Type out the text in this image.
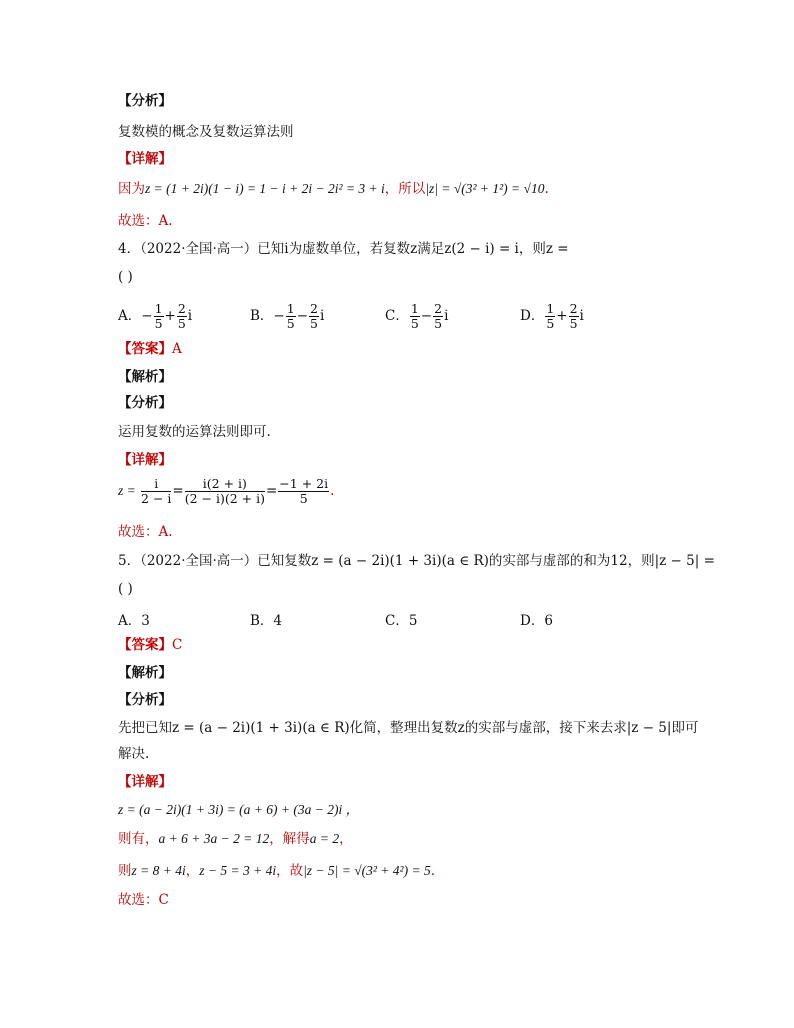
【分析】
复数模的概念及复数运算法则
【详解】
因为z = (1 + 2i)(1 − i) = 1 − i + 2i − 2i² = 3 + i，所以|z| = √(3² + 1²) = √10.
故选：A.
4．（2022·全国·高一）已知i为虚数单位，若复数z满足z(2 − i) = i，则z =
( )
A．− $\frac{1}{5} + \frac{2}{5}$ i	B．− $\frac{1}{5} - \frac{2}{5}$ i	C． $\frac{1}{5} - \frac{2}{5}$ i	D． $\frac{1}{5} + \frac{2}{5}$ i
【答案】A
【解析】
【分析】
运用复数的运算法则即可.
【详解】
$z = \frac{i}{2 - i} = \frac{i(2 + i)}{(2 - i)(2 + i)} = \frac{-1 + 2i}{5}$ .
故选：A.
5．（2022·全国·高一）已知复数z = (a − 2i)(1 + 3i)(a ∈ R)的实部与虚部的和为12，则|z − 5| =
( )
A．3	B．4	C．5	D．6
【答案】C
【解析】
【分析】
先把已知z = (a − 2i)(1 + 3i)(a ∈ R)化简，整理出复数z的实部与虚部，接下来去求|z − 5|即可
解决.
【详解】
z = (a − 2i)(1 + 3i) = (a + 6) + (3a − 2)i ，
则有，a + 6 + 3a − 2 = 12，解得a = 2，
则z = 8 + 4i，z − 5 = 3 + 4i，故|z − 5| = √(3² + 4²) = 5.
故选：C
